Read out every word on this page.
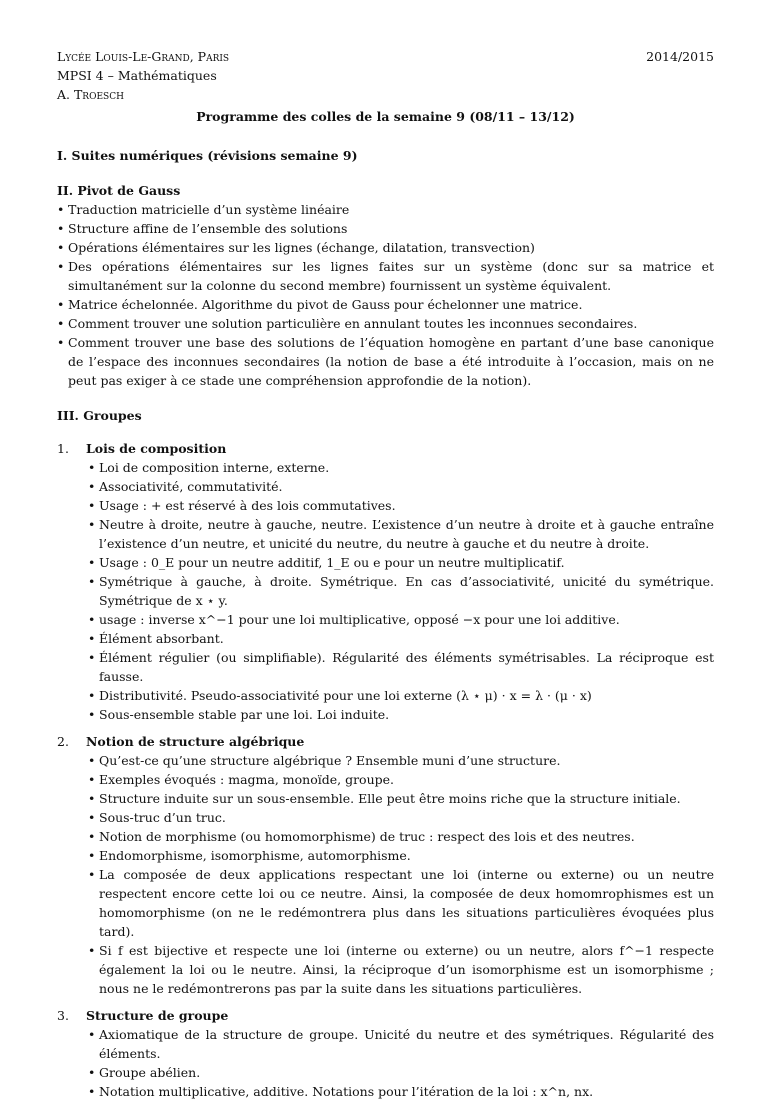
Lycée Louis-Le-Grand, Paris
MPSI 4 – Mathématiques
A. Troesch
2014/2015
Programme des colles de la semaine 9 (08/11 – 13/12)
I. Suites numériques (révisions semaine 9)
II. Pivot de Gauss
• Traduction matricielle d’un système linéaire
• Structure affine de l’ensemble des solutions
• Opérations élémentaires sur les lignes (échange, dilatation, transvection)
• Des opérations élémentaires sur les lignes faites sur un système (donc sur sa matrice et simultanément sur la colonne du second membre) fournissent un système équivalent.
• Matrice échelonnée. Algorithme du pivot de Gauss pour échelonner une matrice.
• Comment trouver une solution particulière en annulant toutes les inconnues secondaires.
• Comment trouver une base des solutions de l’équation homogène en partant d’une base canonique de l’espace des inconnues secondaires (la notion de base a été introduite à l’occasion, mais on ne peut pas exiger à ce stade une compréhension approfondie de la notion).
III. Groupes
1. Lois de composition
• Loi de composition interne, externe.
• Associativité, commutativité.
• Usage : + est réservé à des lois commutatives.
• Neutre à droite, neutre à gauche, neutre. L’existence d’un neutre à droite et à gauche entraîne l’existence d’un neutre, et unicité du neutre, du neutre à gauche et du neutre à droite.
• Usage : 0_E pour un neutre additif, 1_E ou e pour un neutre multiplicatif.
• Symétrique à gauche, à droite. Symétrique. En cas d’associativité, unicité du symétrique. Symétrique de x ⋆ y.
• usage : inverse x^−1 pour une loi multiplicative, opposé −x pour une loi additive.
• Élément absorbant.
• Élément régulier (ou simplifiable). Régularité des éléments symétrisables. La réciproque est fausse.
• Distributivité. Pseudo-associativité pour une loi externe (λ ⋆ μ) · x = λ · (μ · x)
• Sous-ensemble stable par une loi. Loi induite.
2. Notion de structure algébrique
• Qu’est-ce qu’une structure algébrique ? Ensemble muni d’une structure.
• Exemples évoqués : magma, monoïde, groupe.
• Structure induite sur un sous-ensemble. Elle peut être moins riche que la structure initiale.
• Sous-truc d’un truc.
• Notion de morphisme (ou homomorphisme) de truc : respect des lois et des neutres.
• Endomorphisme, isomorphisme, automorphisme.
• La composée de deux applications respectant une loi (interne ou externe) ou un neutre respectent encore cette loi ou ce neutre. Ainsi, la composée de deux homomrophismes est un homomorphisme (on ne le redémontrera plus dans les situations particulières évoquées plus tard).
• Si f est bijective et respecte une loi (interne ou externe) ou un neutre, alors f^−1 respecte également la loi ou le neutre. Ainsi, la réciproque d’un isomorphisme est un isomorphisme ; nous ne le redémontrerons pas par la suite dans les situations particulières.
3. Structure de groupe
• Axiomatique de la structure de groupe. Unicité du neutre et des symétriques. Régularité des éléments.
• Groupe abélien.
• Notation multiplicative, additive. Notations pour l’itération de la loi : x^n, nx.
